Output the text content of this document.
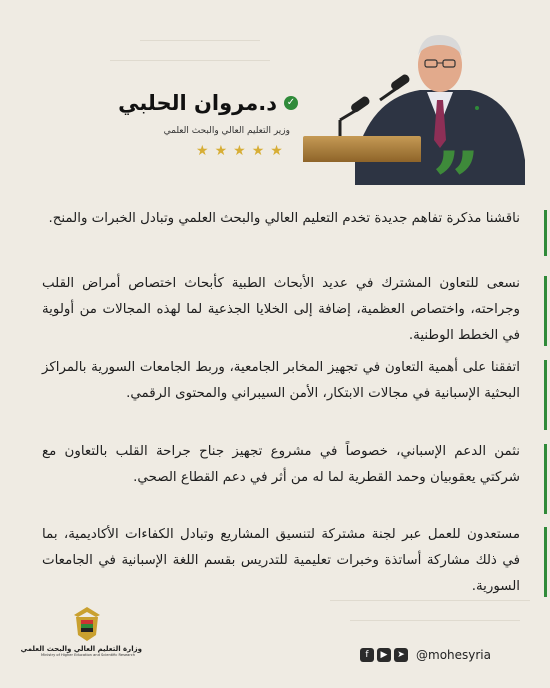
”
✓
د.مروان الحلبي
وزير التعليم العالي والبحث العلمي
★ ★ ★ ★ ★
ناقشنا مذكرة تفاهم جديدة تخدم التعليم العالي والبحث العلمي وتبادل الخبرات والمنح.
نسعى للتعاون المشترك في عديد الأبحاث الطبية كأبحاث اختصاص أمراض القلب وجراحته، واختصاص العظمية، إضافة إلى الخلايا الجذعية لما لهذه المجالات من أولوية في الخطط الوطنية.
اتفقنا على أهمية التعاون في تجهيز المخابر الجامعية، وربط الجامعات السورية بالمراكز البحثية الإسبانية في مجالات الابتكار، الأمن السيبراني والمحتوى الرقمي.
نثمن الدعم الإسباني، خصوصاً في مشروع تجهيز جناح جراحة القلب بالتعاون مع شركتي يعقوبيان وحمد القطرية لما له من أثر في دعم القطاع الصحي.
مستعدون للعمل عبر لجنة مشتركة لتنسيق المشاريع وتبادل الكفاءات الأكاديمية، بما في ذلك مشاركة أساتذة وخبرات تعليمية للتدريس بقسم اللغة الإسبانية في الجامعات السورية.
وزارة التعليم العالي والبحث العلمي
Ministry of Higher Education and Scientific Research	f	▶	➤ @mohesyria
